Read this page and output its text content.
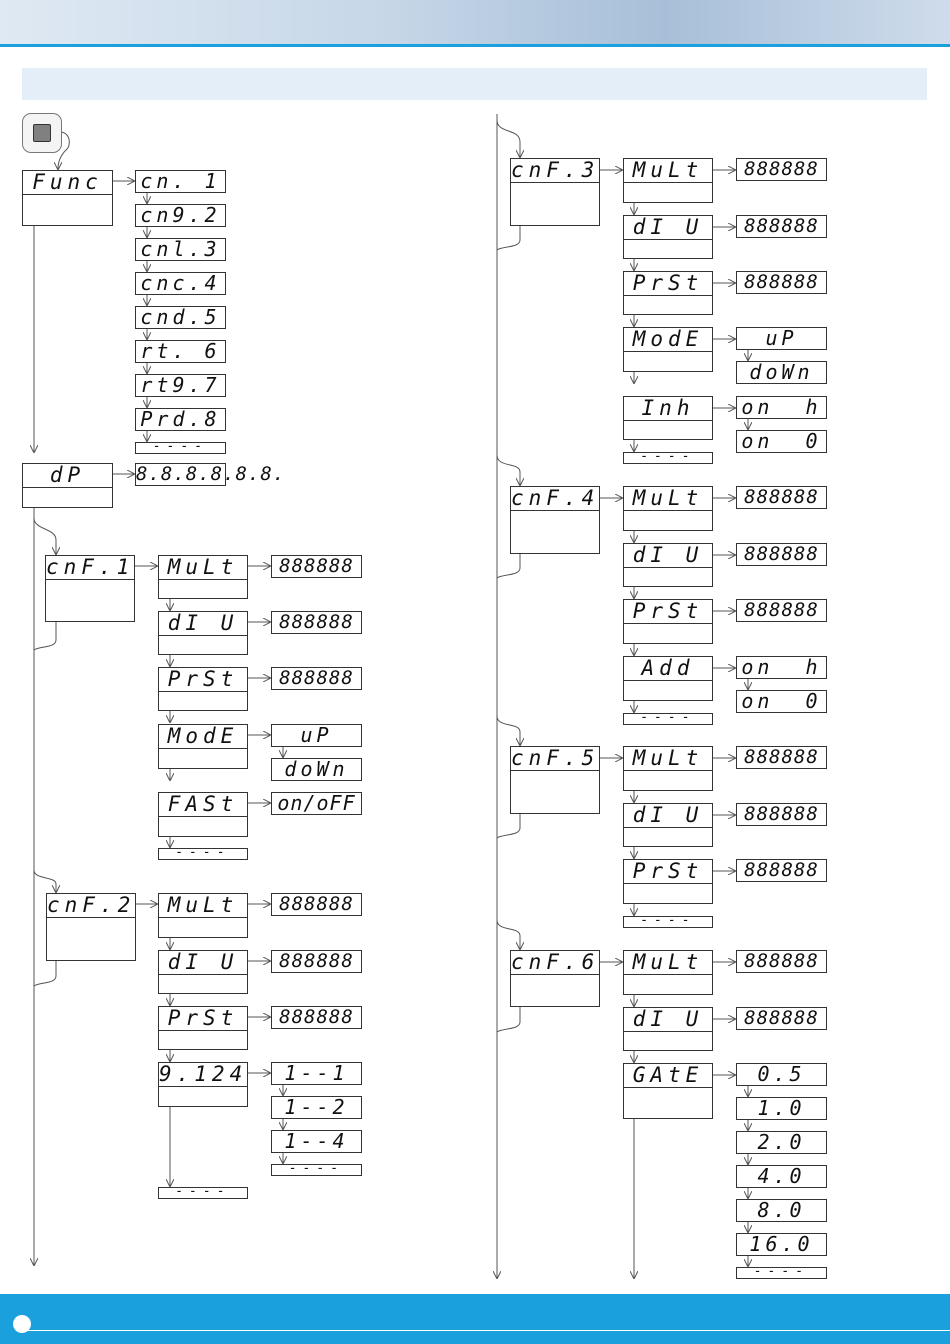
Func	cn. 1
cn9.2
cnl.3
cnc.4
cnd.5
rt. 6
rt9.7
Prd.8
----
dP	8.8.8.8.8.8.
cnF.1	MuLt	888888
dI U	888888
PrSt	888888
ModE	uP
doWn
FASt	on/oFF
----
cnF.2	MuLt	888888
dI U	888888
PrSt	888888
9.124	1--1
1--2
1--4
----
----
cnF.3	MuLt	888888
dI U	888888
PrSt	888888
ModE	uP
doWn
Inh	on  h
on  0
----
cnF.4	MuLt	888888
dI U	888888
PrSt	888888
Add	on  h
on  0
----
cnF.5	MuLt	888888
dI U	888888
PrSt	888888
----
cnF.6	MuLt	888888
dI U	888888
GAtE	0.5
1.0
2.0
4.0
8.0
16.0
----
